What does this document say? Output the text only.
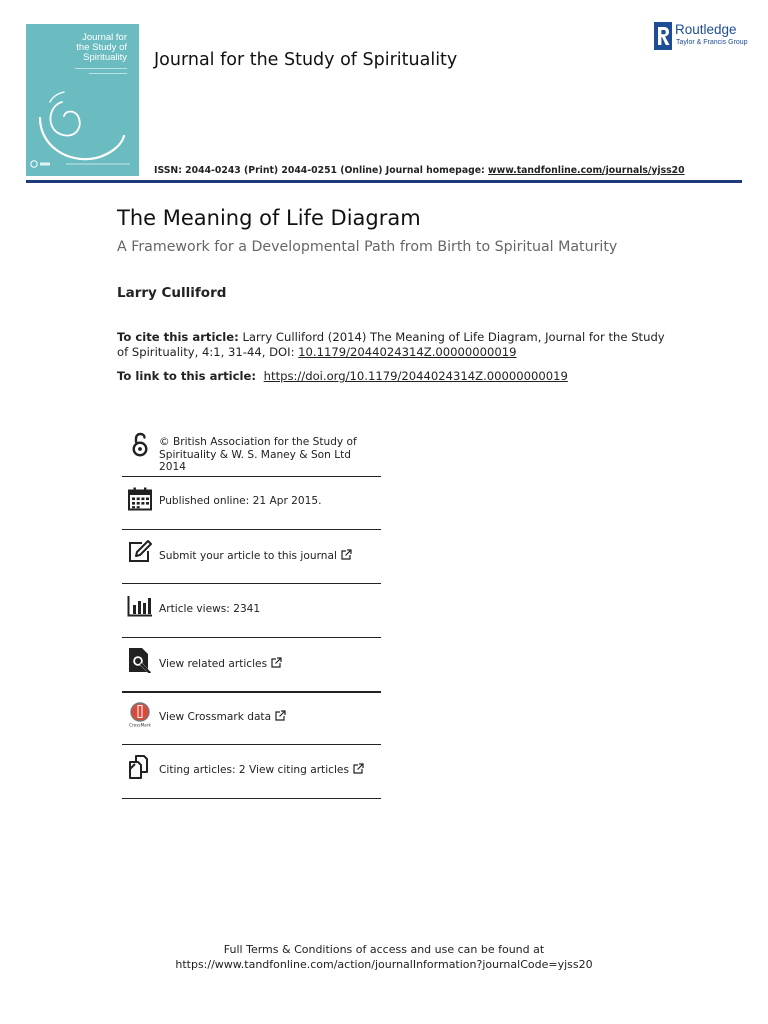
Journal for
the Study of
Spirituality Journal for the Study of Spirituality

ISSN: 2044-0243 (Print) 2044-0251 (Online) Journal homepage: www.tandfonline.com/journals/yjss20

Routledge
Taylor & Francis Group
The Meaning of Life Diagram
A Framework for a Developmental Path from Birth to Spiritual Maturity

Larry Culliford

To cite this article: Larry Culliford (2014) The Meaning of Life Diagram, Journal for the Study of Spirituality, 4:1, 31-44, DOI: 10.1179/2044024314Z.00000000019
To link to this article: https://doi.org/10.1179/2044024314Z.00000000019
© British Association for the Study of
Spirituality & W. S. Maney & Son Ltd 2014
Published online: 21 Apr 2015.
Submit your article to this journal
Article views: 2341
View related articles
CrossMark
View Crossmark data
Citing articles: 2 View citing articles
Full Terms & Conditions of access and use can be found at
https://www.tandfonline.com/action/journalInformation?journalCode=yjss20
